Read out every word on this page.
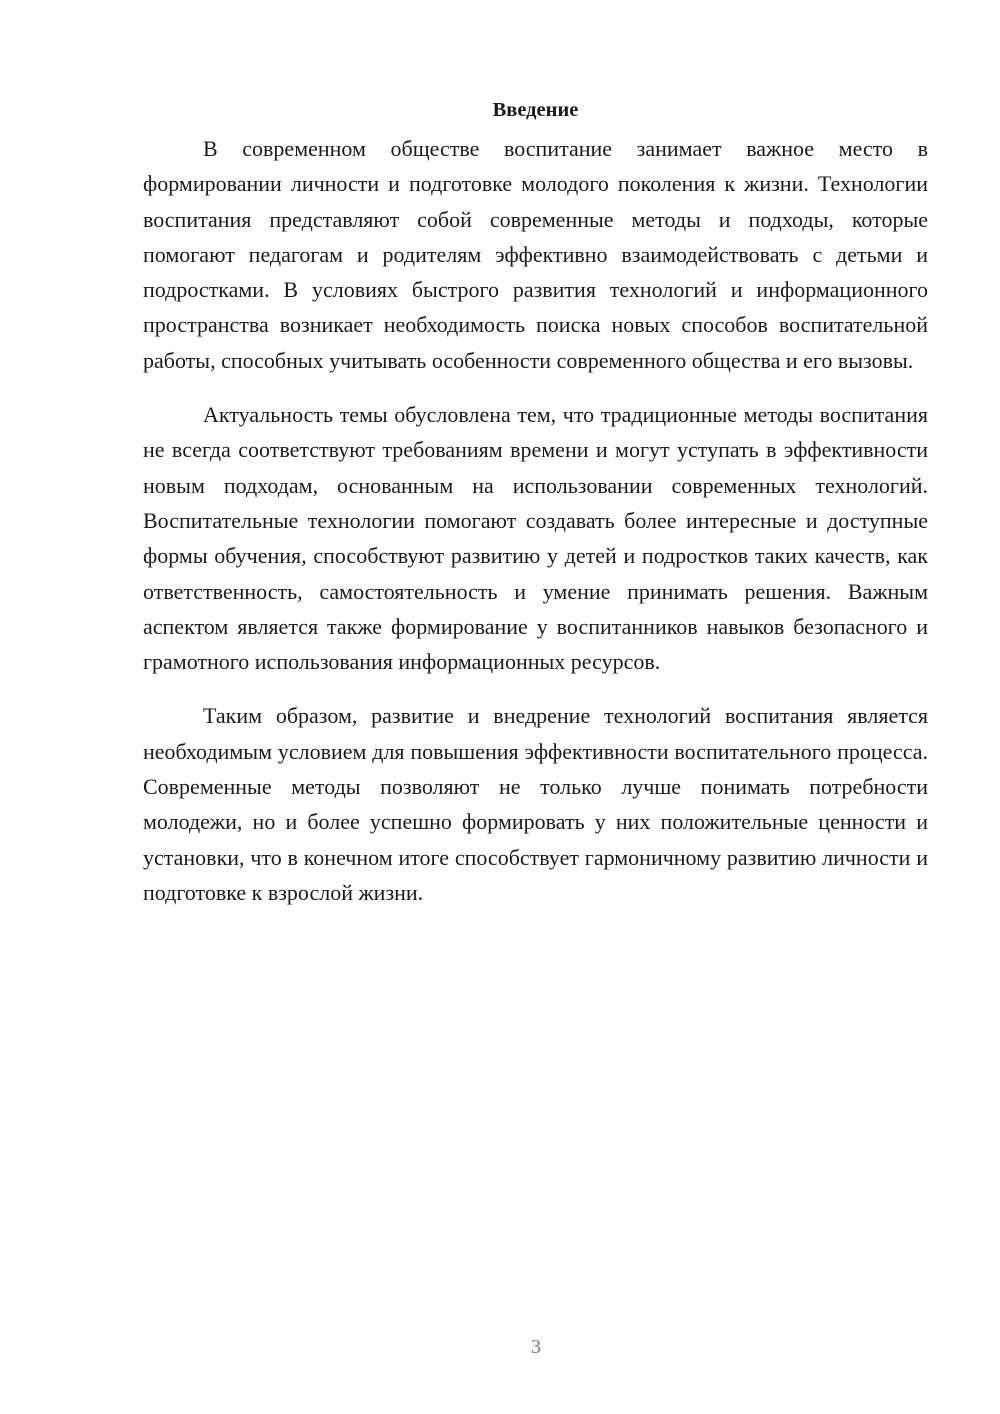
Введение

В современном обществе воспитание занимает важное место в формировании личности и подготовке молодого поколения к жизни. Технологии воспитания представляют собой современные методы и подходы, которые помогают педагогам и родителям эффективно взаимодействовать с детьми и подростками. В условиях быстрого развития технологий и информационного пространства возникает необходимость поиска новых способов воспитательной работы, способных учитывать особенности современного общества и его вызовы.

Актуальность темы обусловлена тем, что традиционные методы воспитания не всегда соответствуют требованиям времени и могут уступать в эффективности новым подходам, основанным на использовании современных технологий. Воспитательные технологии помогают создавать более интересные и доступные формы обучения, способствуют развитию у детей и подростков таких качеств, как ответственность, самостоятельность и умение принимать решения. Важным аспектом является также формирование у воспитанников навыков безопасного и грамотного использования информационных ресурсов.

Таким образом, развитие и внедрение технологий воспитания является необходимым условием для повышения эффективности воспитательного процесса. Современные методы позволяют не только лучше понимать потребности молодежи, но и более успешно формировать у них положительные ценности и установки, что в конечном итоге способствует гармоничному развитию личности и подготовке к взрослой жизни.

3
